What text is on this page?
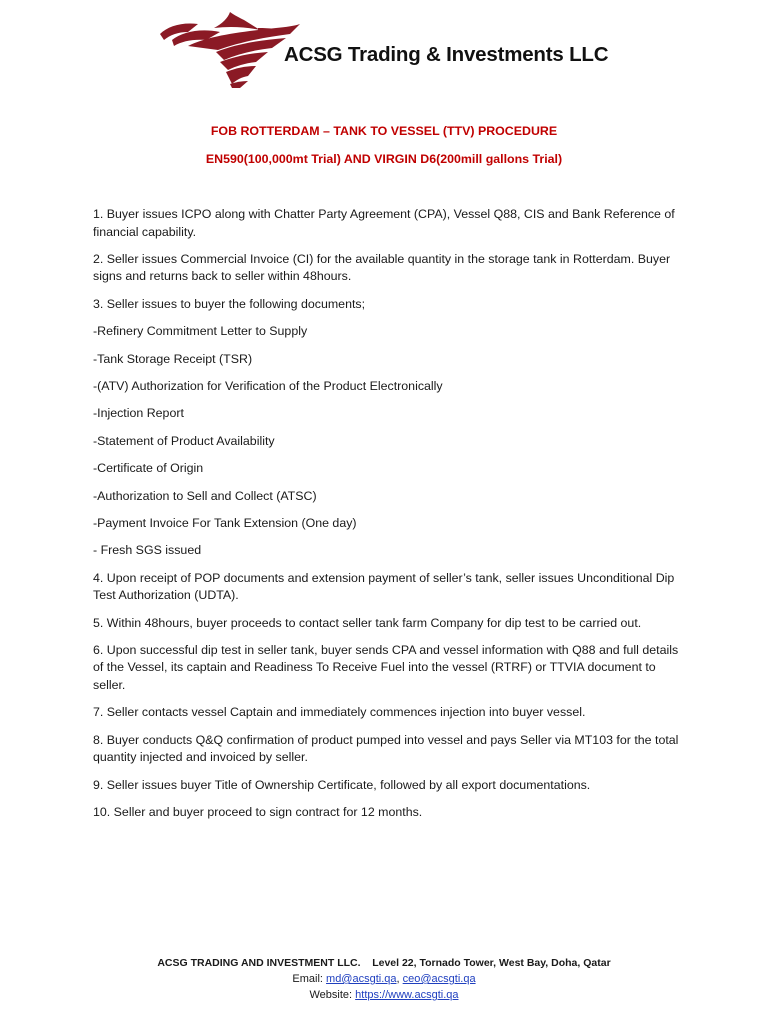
ACSG Trading & Investments LLC
FOB ROTTERDAM – TANK TO VESSEL (TTV) PROCEDURE
EN590(100,000mt Trial) AND VIRGIN D6(200mill gallons Trial)

1. Buyer issues ICPO along with Chatter Party Agreement (CPA), Vessel Q88, CIS and Bank Reference of financial capability.

2. Seller issues Commercial Invoice (CI) for the available quantity in the storage tank in Rotterdam. Buyer signs and returns back to seller within 48hours.

3. Seller issues to buyer the following documents;

-Refinery Commitment Letter to Supply

-Tank Storage Receipt (TSR)

-(ATV) Authorization for Verification of the Product Electronically

-Injection Report

-Statement of Product Availability

-Certificate of Origin

-Authorization to Sell and Collect (ATSC)

-Payment Invoice For Tank Extension (One day)

- Fresh SGS issued

4. Upon receipt of POP documents and extension payment of seller’s tank, seller issues Unconditional Dip Test Authorization (UDTA).

5. Within 48hours, buyer proceeds to contact seller tank farm Company for dip test to be carried out.

6. Upon successful dip test in seller tank, buyer sends CPA and vessel information with Q88 and full details of the Vessel, its captain and Readiness To Receive Fuel into the vessel (RTRF) or TTVIA document to seller.

7. Seller contacts vessel Captain and immediately commences injection into buyer vessel.

8. Buyer conducts Q&Q confirmation of product pumped into vessel and pays Seller via MT103 for the total quantity injected and invoiced by seller.

9. Seller issues buyer Title of Ownership Certificate, followed by all export documentations.

10. Seller and buyer proceed to sign contract for 12 months.

ACSG TRADING AND INVESTMENT LLC. Level 22, Tornado Tower, West Bay, Doha, Qatar
Email: md@acsgti.qa, ceo@acsgti.qa
Website: https://www.acsgti.qa
